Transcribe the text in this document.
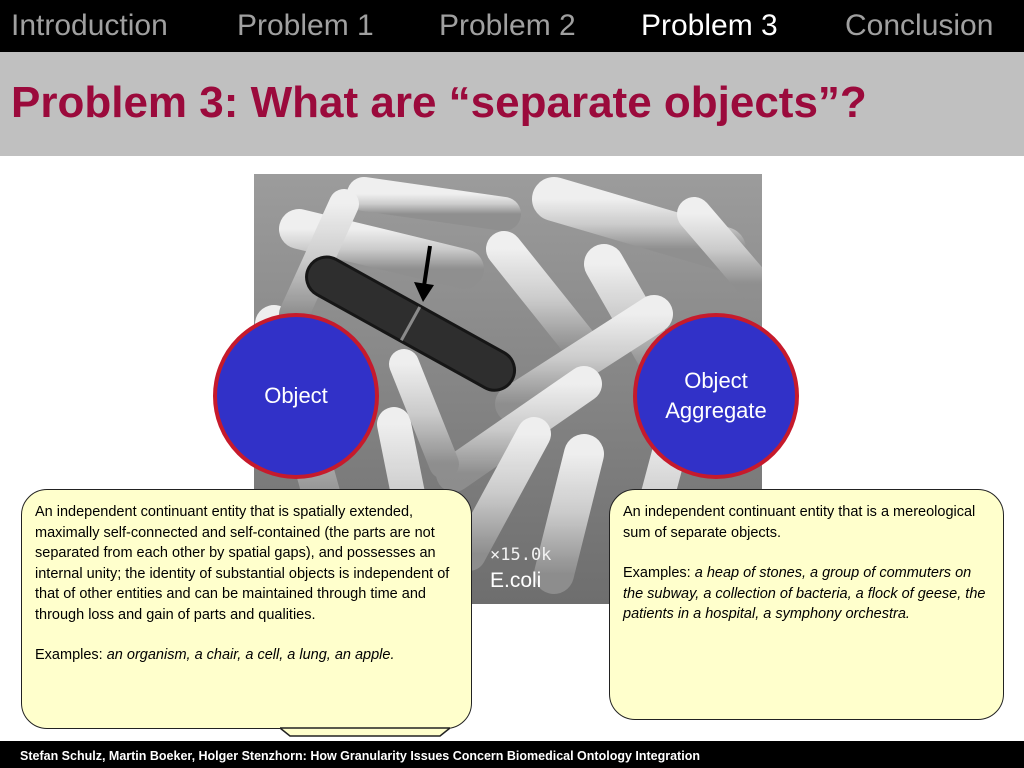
Introduction Problem 1 Problem 2 Problem 3 Conclusion
Problem 3: What are “separate objects”?
×15.0k
E.coli
Object
Object Aggregate

An independent continuant entity that is spatially extended, maximally self-connected and self-contained (the parts are not separated from each other by spatial gaps), and possesses an internal unity; the identity of substantial objects is independent of that of other entities and can be maintained through time and through loss and gain of parts and qualities.

Examples: an organism, a chair, a cell, a lung, an apple.

An independent continuant entity that is a mereological sum of separate objects.

Examples: a heap of stones, a group of commuters on the subway, a collection of bacteria, a flock of geese, the patients in a hospital, a symphony orchestra.

Stefan Schulz, Martin Boeker, Holger Stenzhorn: How Granularity Issues Concern Biomedical Ontology Integration
